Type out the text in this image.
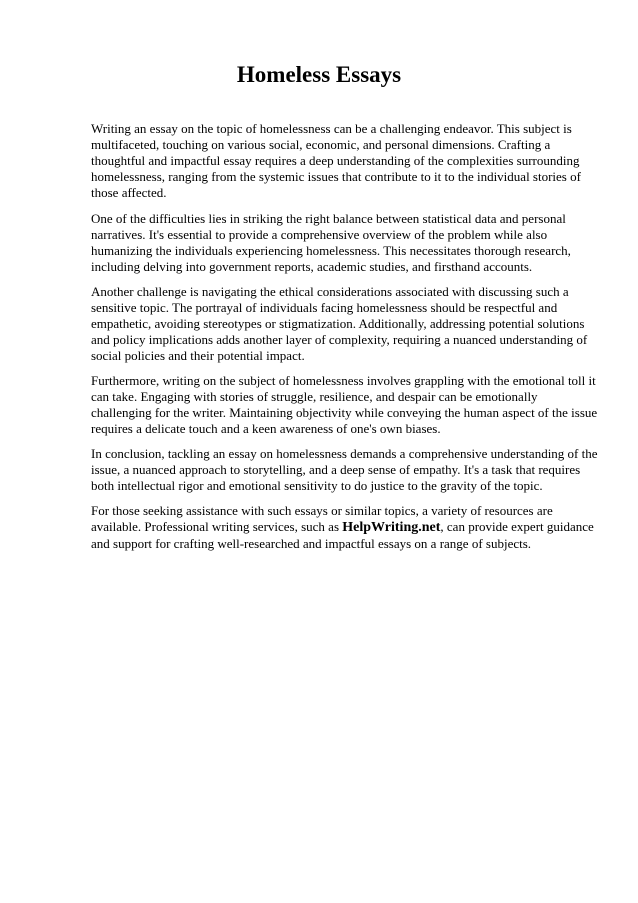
Homeless Essays

Writing an essay on the topic of homelessness can be a challenging endeavor. This subject is multifaceted, touching on various social, economic, and personal dimensions. Crafting a thoughtful and impactful essay requires a deep understanding of the complexities surrounding homelessness, ranging from the systemic issues that contribute to it to the individual stories of those affected.

One of the difficulties lies in striking the right balance between statistical data and personal narratives. It's essential to provide a comprehensive overview of the problem while also humanizing the individuals experiencing homelessness. This necessitates thorough research, including delving into government reports, academic studies, and firsthand accounts.

Another challenge is navigating the ethical considerations associated with discussing such a sensitive topic. The portrayal of individuals facing homelessness should be respectful and empathetic, avoiding stereotypes or stigmatization. Additionally, addressing potential solutions and policy implications adds another layer of complexity, requiring a nuanced understanding of social policies and their potential impact.

Furthermore, writing on the subject of homelessness involves grappling with the emotional toll it can take. Engaging with stories of struggle, resilience, and despair can be emotionally challenging for the writer. Maintaining objectivity while conveying the human aspect of the issue requires a delicate touch and a keen awareness of one's own biases.

In conclusion, tackling an essay on homelessness demands a comprehensive understanding of the issue, a nuanced approach to storytelling, and a deep sense of empathy. It's a task that requires both intellectual rigor and emotional sensitivity to do justice to the gravity of the topic.

For those seeking assistance with such essays or similar topics, a variety of resources are available. Professional writing services, such as HelpWriting.net, can provide expert guidance and support for crafting well-researched and impactful essays on a range of subjects.
